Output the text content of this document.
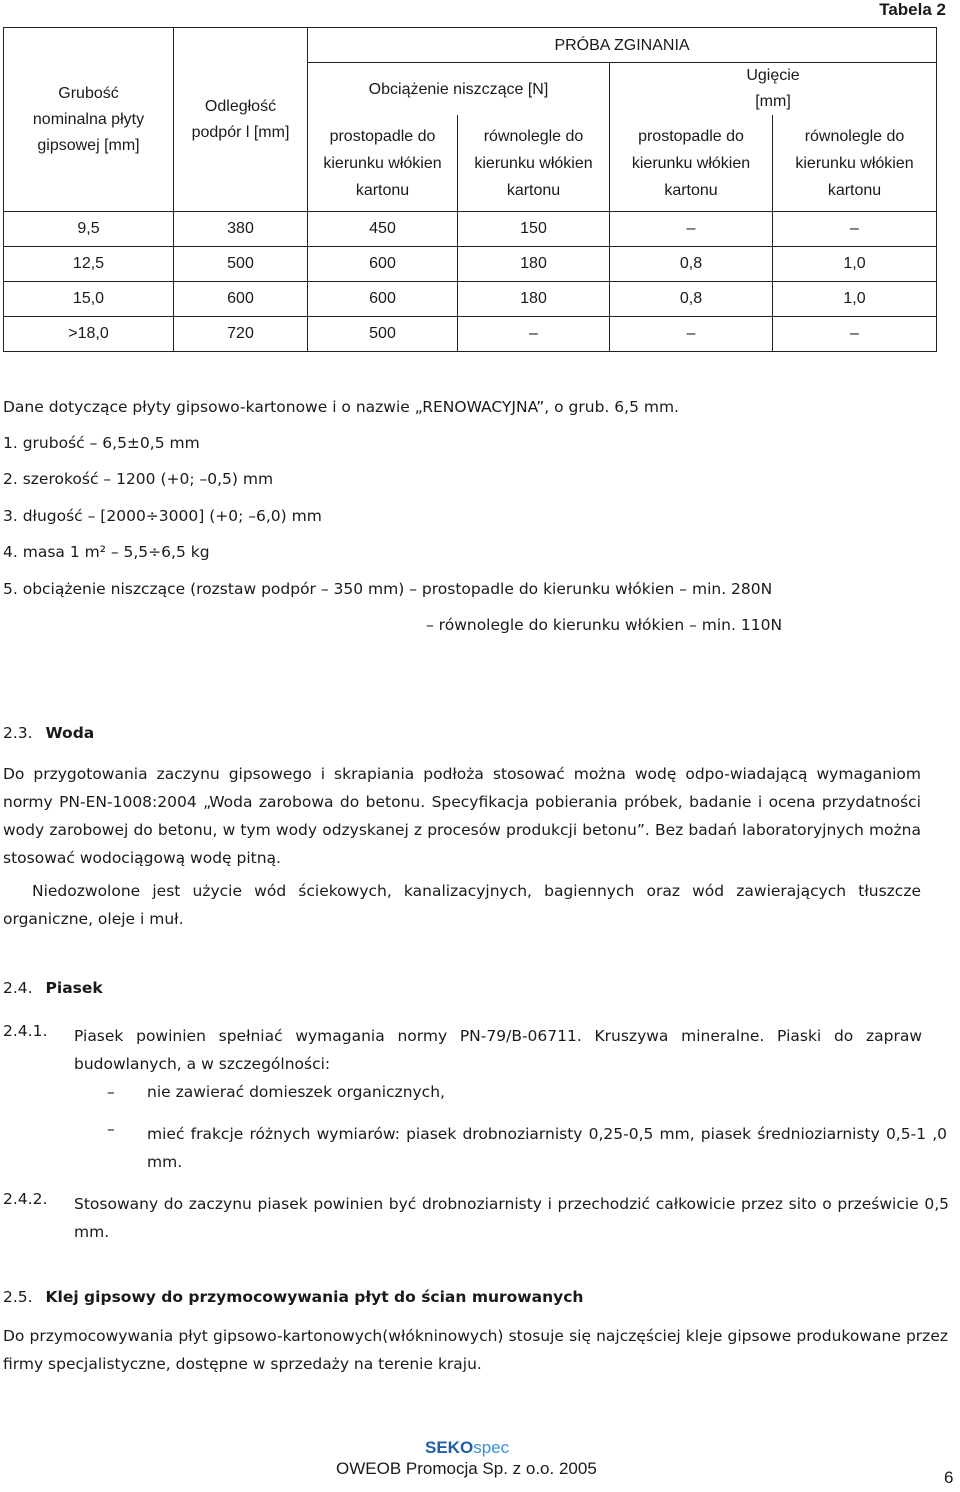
Tabela 2
Grubość nominalna płyty gipsowej [mm]	Odległość podpór l [mm]	PRÓBA ZGINANIA			
		Obciążenie niszczące [N]		Ugięcie [mm]	
		prostopadle do kierunku włókien kartonu	równolegle do kierunku włókien kartonu	prostopadle do kierunku włókien kartonu	równolegle do kierunku włókien kartonu
9,5	380	450	150	–	–
12,5	500	600	180	0,8	1,0
15,0	600	600	180	0,8	1,0
>18,0	720	500	–	–	–
Dane dotyczące płyty gipsowo-kartonowe i o nazwie „RENOWACYJNA”, o grub. 6,5 mm.
1. grubość – 6,5±0,5 mm
2. szerokość – 1200 (+0; –0,5) mm
3. długość – [2000÷3000] (+0; –6,0) mm
4. masa 1 m² – 5,5÷6,5 kg
5. obciążenie niszczące (rozstaw podpór – 350 mm) – prostopadle do kierunku włókien – min. 280N
– równolegle do kierunku włókien – min. 110N
2.3. Woda
Do przygotowania zaczynu gipsowego i skrapiania podłoża stosować można wodę odpo-wiadającą wymaganiom normy PN-EN-1008:2004 „Woda zarobowa do betonu. Specyfikacja pobierania próbek, badanie i ocena przydatności wody zarobowej do betonu, w tym wody odzyskanej z procesów produkcji betonu”. Bez badań laboratoryjnych można stosować wodociągową wodę pitną.
Niedozwolone jest użycie wód ściekowych, kanalizacyjnych, bagiennych oraz wód zawierających tłuszcze organiczne, oleje i muł.
2.4. Piasek
2.4.1. Piasek powinien spełniać wymagania normy PN-79/B-06711. Kruszywa mineralne. Piaski do zapraw budowlanych, a w szczególności:
– nie zawierać domieszek organicznych,
– mieć frakcje różnych wymiarów: piasek drobnoziarnisty 0,25-0,5 mm, piasek średnioziarnisty 0,5-1 ,0 mm.
2.4.2. Stosowany do zaczynu piasek powinien być drobnoziarnisty i przechodzić całkowicie przez sito o prześwicie 0,5 mm.
2.5. Klej gipsowy do przymocowywania płyt do ścian murowanych
Do przymocowywania płyt gipsowo-kartonowych(włókninowych) stosuje się najczęściej kleje gipsowe produkowane przez firmy specjalistyczne, dostępne w sprzedaży na terenie kraju.
SEKOspec
OWEOB Promocja Sp. z o.o. 2005	6
